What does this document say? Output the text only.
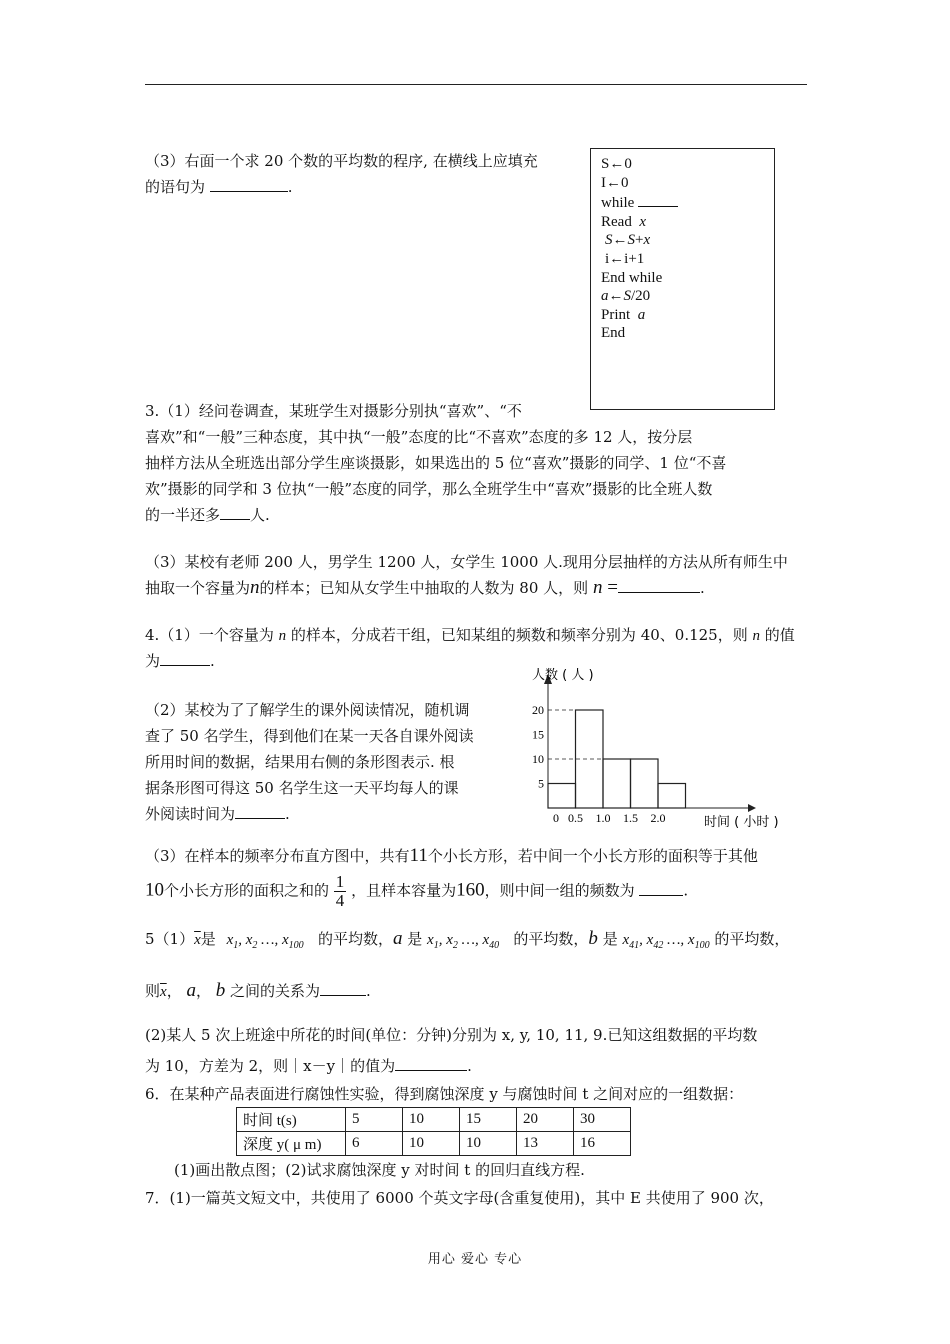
（3）右面一个求 20 个数的平均数的程序, 在横线上应填充
的语句为	.
S←0
I←0
while
Read x
S←S+x
i←i+1
End while
a←S/20
Print a
End
3.（1）经问卷调查，某班学生对摄影分别执“喜欢”、“不
喜欢”和“一般”三种态度，其中执“一般”态度的比“不喜欢”态度的多 12 人，按分层
抽样方法从全班选出部分学生座谈摄影，如果选出的 5 位“喜欢”摄影的同学、1 位“不喜
欢”摄影的同学和 3 位执“一般”态度的同学，那么全班学生中“喜欢”摄影的比全班人数
的一半还多 人.
（3）某校有老师 200 人，男学生 1200 人，女学生 1000 人.现用分层抽样的方法从所有师生中
抽取一个容量为n的样本；已知从女学生中抽取的人数为 80 人，则 n =	.
4.（1）一个容量为 n 的样本，分成若干组，已知某组的频数和频率分别为 40、0.125，则 n 的值
为	.
（2）某校为了了解学生的课外阅读情况，随机调
查了 50 名学生，得到他们在某一天各自课外阅读
所用时间的数据，结果用右侧的条形图表示. 根
据条形图可得这 50 名学生这一天平均每人的课
外阅读时间为	.
人数 ( 人 )
时间 ( 小时 )
5
10
15
20
0 0.5 1.0 1.5 2.0
（3）在样本的频率分布直方图中，共有11个小长方形，若中间一个小长方形的面积等于其他
10个小长方形的面积之和的 $\frac{1}{4}$ ，且样本容量为160，则中间一组的频数为	.
$5(1)\overline{x}$是 $x_1$, $x_2$ …, $x_{100}$   的平均数，a 是 $x_1$, $x_2$ …, $x_{40}$   的平均数，b 是 $x_{41}$, $x_{42}$ …, $x_{100}$ 的平均数，
则$\overline{x}$， a， b 之间的关系为	.
(2)某人 5 次上班途中所花的时间(单位：分钟)分别为 x, y, 10, 11, 9.已知这组数据的平均数
为 10，方差为 2，则｜x－y｜的值为	.
6．在某种产品表面进行腐蚀性实验，得到腐蚀深度 y 与腐蚀时间 t 之间对应的一组数据：
时间 t(s)	5	10	15	20	30
深度 y( μ m)	6	10	10	13	16
(1)画出散点图；(2)试求腐蚀深度 y 对时间 t 的回归直线方程.
7．(1)一篇英文短文中，共使用了 6000 个英文字母(含重复使用)，其中 E 共使用了 900 次，
用心 爱心 专心
